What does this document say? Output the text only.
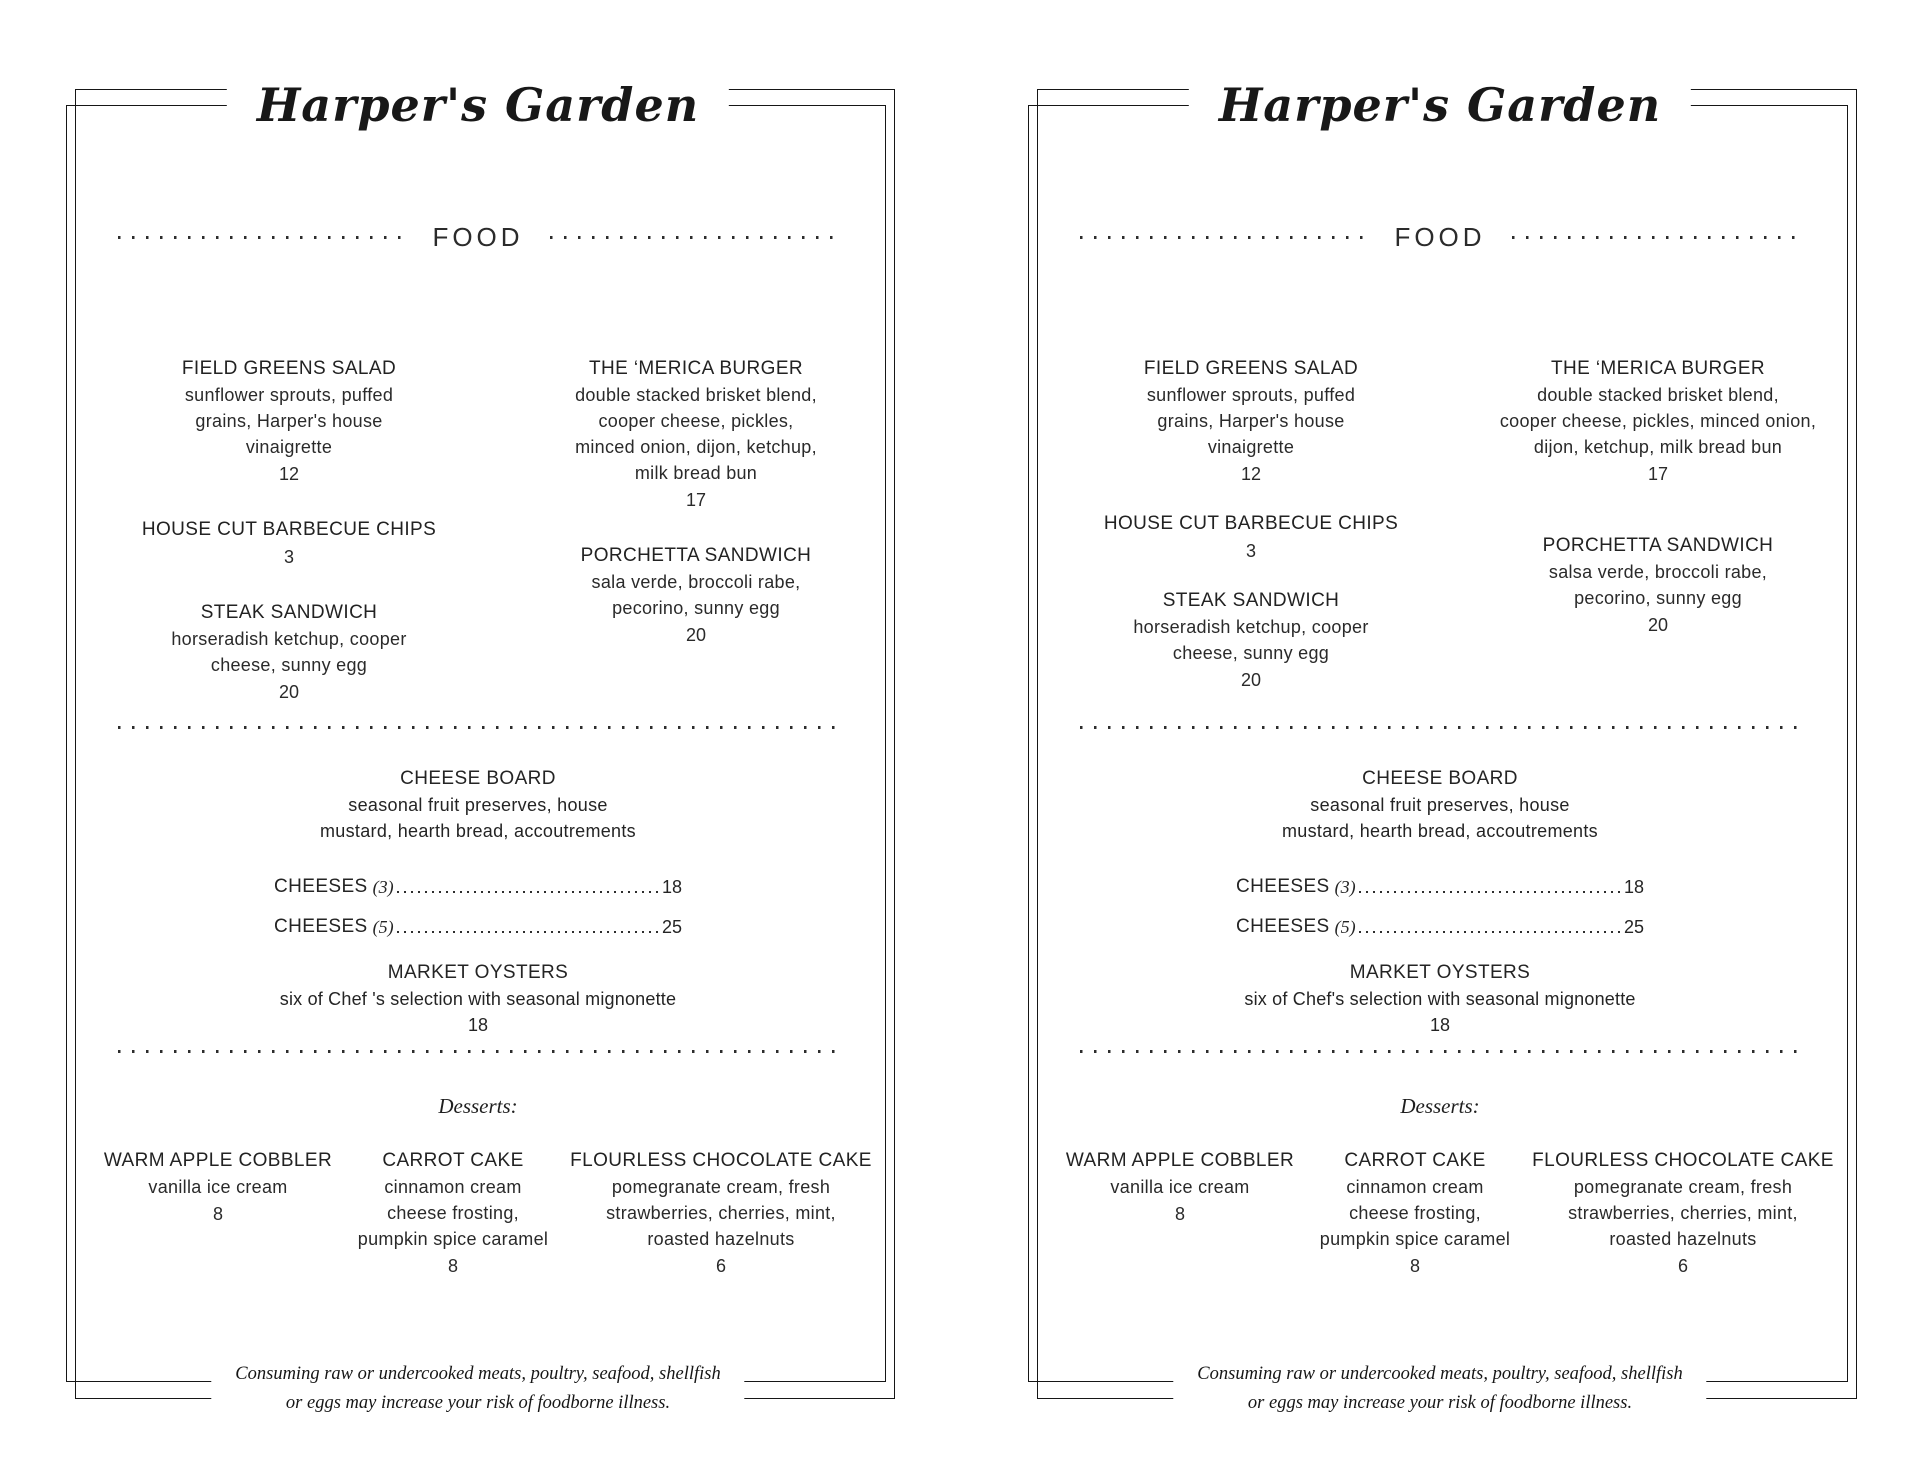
Harper's Garden
FOOD
FIELD GREENS SALAD
sunflower sprouts, puffed
grains, Harper's house
vinaigrette
12
HOUSE CUT BARBECUE CHIPS
3
STEAK SANDWICH
horseradish ketchup, cooper
cheese, sunny egg
20
THE ‘MERICA BURGER
double stacked brisket blend,
cooper cheese, pickles,
minced onion, dijon, ketchup,
milk bread bun
17
PORCHETTA SANDWICH
sala verde, broccoli rabe,
pecorino, sunny egg
20
CHEESE BOARD
seasonal fruit preserves, house
mustard, hearth bread, accoutrements
CHEESES (3)	18
CHEESES (5)	25
MARKET OYSTERS
six of Chef 's selection with seasonal mignonette
18
Desserts:
WARM APPLE COBBLER
vanilla ice cream
8
CARROT CAKE
cinnamon cream
cheese frosting,
pumpkin spice caramel
8
FLOURLESS CHOCOLATE CAKE
pomegranate cream, fresh
strawberries, cherries, mint,
roasted hazelnuts
6
Consuming raw or undercooked meats, poultry, seafood, shellfish
or eggs may increase your risk of foodborne illness.
Harper's Garden
FOOD
FIELD GREENS SALAD
sunflower sprouts, puffed
grains, Harper's house
vinaigrette
12
HOUSE CUT BARBECUE CHIPS
3
STEAK SANDWICH
horseradish ketchup, cooper
cheese, sunny egg
20
THE ‘MERICA BURGER
double stacked brisket blend,
cooper cheese, pickles, minced onion,
dijon, ketchup, milk bread bun
17
PORCHETTA SANDWICH
salsa verde, broccoli rabe,
pecorino, sunny egg
20
CHEESE BOARD
seasonal fruit preserves, house
mustard, hearth bread, accoutrements
CHEESES (3)	18
CHEESES (5)	25
MARKET OYSTERS
six of Chef's selection with seasonal mignonette
18
Desserts:
WARM APPLE COBBLER
vanilla ice cream
8
CARROT CAKE
cinnamon cream
cheese frosting,
pumpkin spice caramel
8
FLOURLESS CHOCOLATE CAKE
pomegranate cream, fresh
strawberries, cherries, mint,
roasted hazelnuts
6
Consuming raw or undercooked meats, poultry, seafood, shellfish
or eggs may increase your risk of foodborne illness.
